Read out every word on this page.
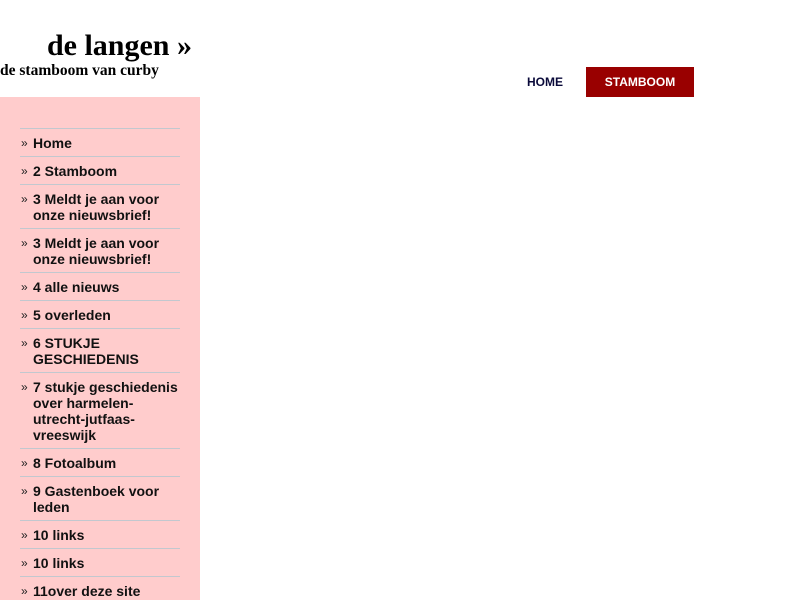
de langen »
de stamboom van curby
HOME	STAMBOOM
» Home
» 2 Stamboom
» 3 Meldt je aan voor onze nieuwsbrief!
» 3 Meldt je aan voor onze nieuwsbrief!
» 4 alle nieuws
» 5 overleden
» 6 STUKJE GESCHIEDENIS
» 7 stukje geschiedenis over harmelen-utrecht-jutfaas-vreeswijk
» 8 Fotoalbum
» 9 Gastenboek voor leden
» 10 links
» 10 links
» 11over deze site
